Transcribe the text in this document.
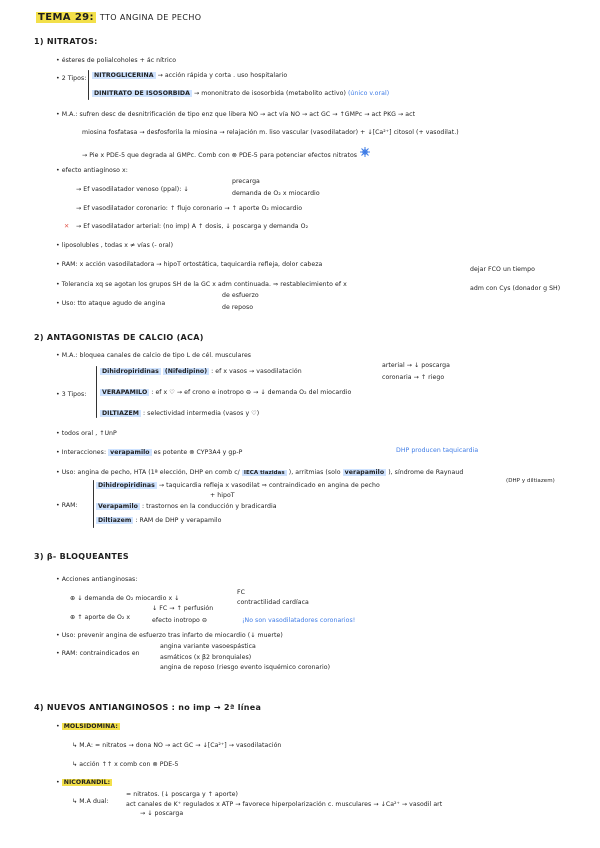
TEMA 29: TTO ANGINA DE PECHO
1) NITRATOS:
• ésteres de polialcoholes + ác nítrico
• 2 Tipos:	NITROGLICERINA → acción rápida y corta . uso hospitalario
DINITRATO DE ISOSORBIDA → mononitrato de isosorbida (metabolito activo) (único v.oral)
• M.A.: sufren desc de desnitrificación de tipo enz que libera NO → act vía NO → act GC → ↑GMPc → act PKG → act
miosina fosfatasa → desfosforila la miosina → relajación m. liso vascular (vasodilatador) + ↓[Ca²⁺] citosol (+ vasodilat.)
→ Pie x PDE-5 que degrada al GMPc. Comb con ⊗ PDE-5 para potenciar efectos nitratos
• efecto antiagínoso x:
→ Ef vasodilatador venoso (ppal): ↓
precarga
demanda de O₂ x miocardio
→ Ef vasodilatador coronario: ↑ flujo coronario → ↑ aporte O₂ miocardio
✕ → Ef vasodilatador arterial: (no imp) A ↑ dosis, ↓ poscarga y demanda O₂
• liposolubles , todas x ≠ vías (- oral)
• RAM: x acción vasodilatadora → hipoT ortostática, taquicardia refleja, dolor cabeza
• Tolerancia xq se agotan los grupos SH de la GC x adm continuada. ⇒ restablecimiento ef x
dejar FCO un tiempo
adm con Cys (donador g SH)
• Uso: tto ataque agudo de angina
de esfuerzo
de reposo
2) ANTAGONISTAS DE CALCIO (ACA)
• M.A.: bloquea canales de calcio de tipo L de cél. musculares
arterial → ↓ poscarga
coronaria → ↑ riego
• 3 Tipos:
Dihidropiridinas (Nifedipino) : ef x vasos → vasodilatación
VERAPAMILO : ef x ♡ → ef crono e inotropo ⊖ → ↓ demanda O₂ del miocardio
DILTIAZEM : selectividad intermedia (vasos y ♡)
• todos oral , ↑UnP
• Interacciones: verapamilo es potente ⊗ CYP3A4 y gp-P	DHP producen taquicardia
• Uso: angina de pecho, HTA (1ª elección, DHP en comb c/ IECA tiazidas ), arritmias (solo verapamilo ), síndrome de Raynaud
(DHP y diltiazem)
• RAM:
Dihidropiridinas → taquicardia refleja x vasodilat ⇒ contraindicado en angina de pecho
+ hipoT
Verapamilo : trastornos en la conducción y bradicardia
Diltiazem : RAM de DHP y verapamilo
3) β- BLOQUEANTES
• Acciones antianginosas:
⊕ ↓ demanda de O₂ miocardio x ↓
FC
contractilidad cardíaca
⊕ ↑ aporte de O₂ x
↓ FC → ↑ perfusión
efecto inotropo ⊖	¡No son vasodilatadores coronarios!
• Uso: prevenir angina de esfuerzo tras infarto de miocardio (↓ muerte)
• RAM: contraindicados en
angina variante vasoespástica
asmáticos (x β2 bronquiales)
angina de reposo (riesgo evento isquémico coronario)
4) NUEVOS ANTIANGINOSOS : no imp → 2ª línea
• MOLSIDOMINA:
↳ M.A: = nitratos → dona NO → act GC → ↓[Ca²⁺] → vasodilatación
↳ acción ↑↑ x comb con ⊗ PDE-5
• NICORANDIL:
↳ M.A dual:
= nitratos. (↓ poscarga y ↑ aporte)
act canales de K⁺ regulados x ATP → favorece hiperpolarización c. musculares → ↓Ca²⁺ → vasodil art
→ ↓ poscarga
